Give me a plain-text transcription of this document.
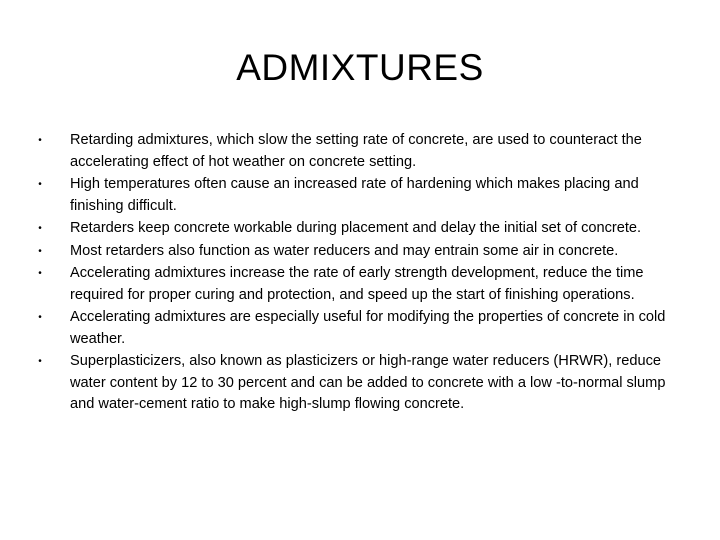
ADMIXTURES
• Retarding admixtures, which slow the setting rate of concrete, are used to counteract the accelerating effect of hot weather on concrete setting.
• High temperatures often cause an increased rate of hardening which makes placing and finishing difficult.
• Retarders keep concrete workable during placement and delay the initial set of concrete.
• Most retarders also function as water reducers and may entrain some air in concrete.
• Accelerating admixtures increase the rate of early strength development, reduce the time required for proper curing and protection, and speed up the start of finishing operations.
• Accelerating admixtures are especially useful for modifying the properties of concrete in cold weather.
• Superplasticizers, also known as plasticizers or high-range water reducers (HRWR), reduce water content by 12 to 30 percent and can be added to concrete with a low -to-normal slump and water-cement ratio to make high-slump flowing concrete.
